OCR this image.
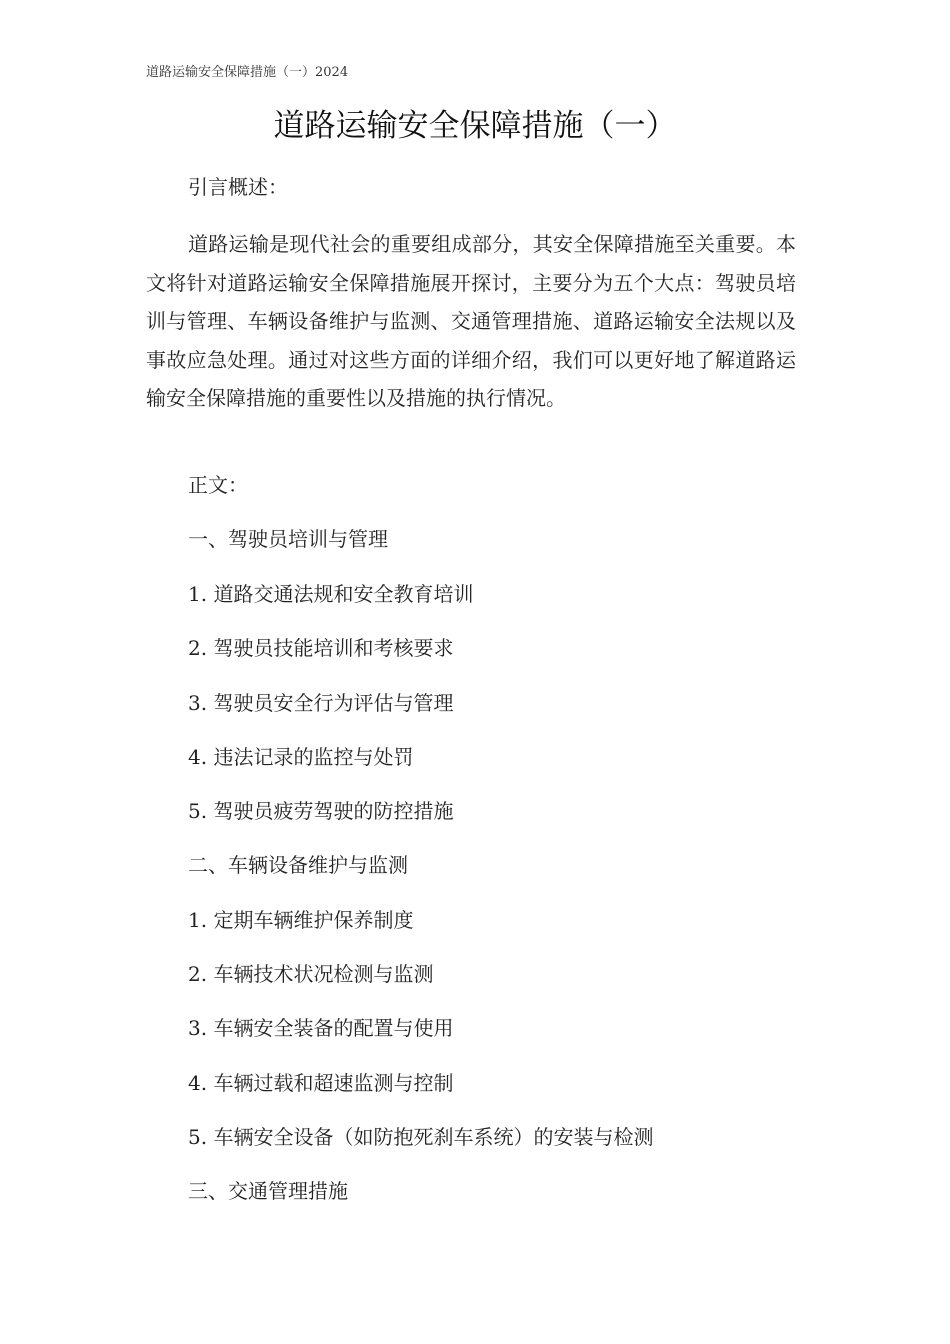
道路运输安全保障措施（一）2024
道路运输安全保障措施（一）

引言概述：

道路运输是现代社会的重要组成部分，其安全保障措施至关重要。本文将针对道路运输安全保障措施展开探讨，主要分为五个大点：驾驶员培训与管理、车辆设备维护与监测、交通管理措施、道路运输安全法规以及事故应急处理。通过对这些方面的详细介绍，我们可以更好地了解道路运输安全保障措施的重要性以及措施的执行情况。

正文：

一、驾驶员培训与管理

1. 道路交通法规和安全教育培训

2. 驾驶员技能培训和考核要求

3. 驾驶员安全行为评估与管理

4. 违法记录的监控与处罚

5. 驾驶员疲劳驾驶的防控措施

二、车辆设备维护与监测

1. 定期车辆维护保养制度

2. 车辆技术状况检测与监测

3. 车辆安全装备的配置与使用

4. 车辆过载和超速监测与控制

5. 车辆安全设备（如防抱死刹车系统）的安装与检测

三、交通管理措施
